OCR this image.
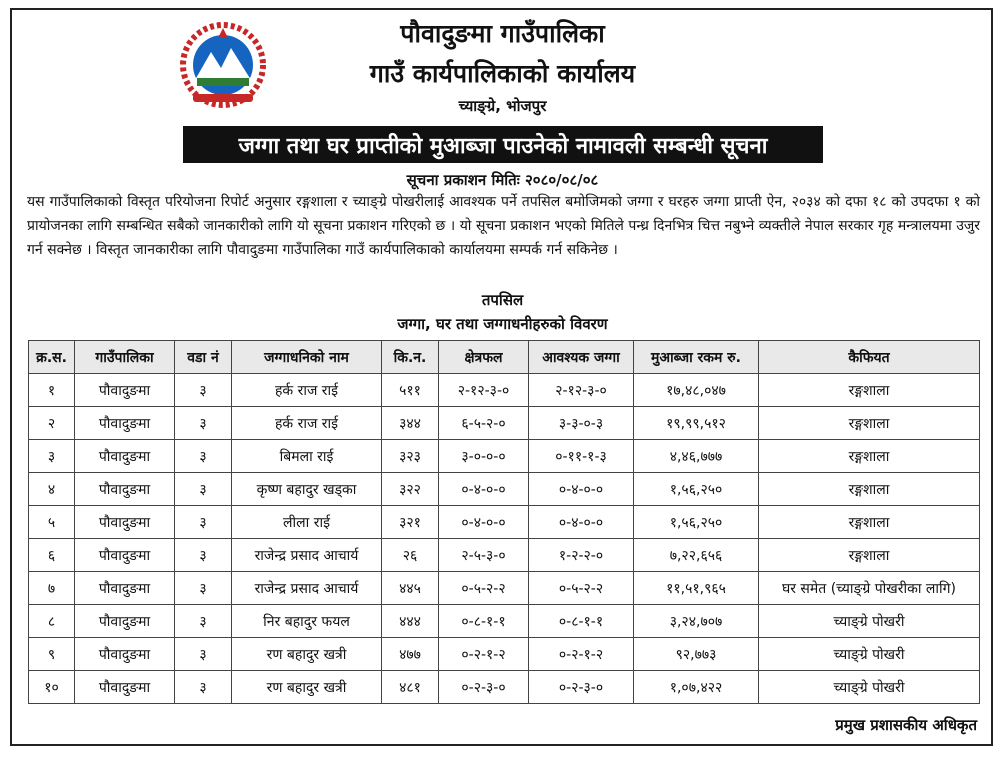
पौवादुङमा गाउँपालिका
गाउँ कार्यपालिकाको कार्यालय
च्याङ्ग्रे, भोजपुर
जग्गा तथा घर प्राप्तीको मुआब्जा पाउनेको नामावली सम्बन्धी सूचना
सूचना प्रकाशन मितिः २०८०/०८/०८
यस गाउँपालिकाको विस्तृत परियोजना रिपोर्ट अनुसार रङ्गशाला र च्याङ्ग्रे पोखरीलाई आवश्यक पर्ने तपसिल बमोजिमको जग्गा र घरहरु जग्गा प्राप्ती ऐन, २०३४ को दफा १८ को उपदफा १ को प्रायोजनका लागि सम्बन्धित सबैको जानकारीको लागि यो सूचना प्रकाशन गरिएको छ । यो सूचना प्रकाशन भएको मितिले पन्ध्र दिनभित्र चित्त नबुभ्ने व्यक्तीले नेपाल सरकार गृह मन्त्रालयमा उजुर गर्न सक्नेछ । विस्तृत जानकारीका लागि पौवादुङमा गाउँपालिका गाउँ कार्यपालिकाको कार्यालयमा सम्पर्क गर्न सकिनेछ ।
तपसिल
जग्गा, घर तथा जग्गाधनीहरुको विवरण
क्र.स.	गाउँपालिका	वडा नं	जग्गाधनिको नाम	कि.न.	क्षेत्रफल	आवश्यक जग्गा	मुआब्जा रकम रु.	कैफियत
१	पौवादुङमा	३	हर्क राज राई	५११	२-१२-३-०	२-१२-३-०	१७,४८,०४७	रङ्गशाला
२	पौवादुङमा	३	हर्क राज राई	३४४	६-५-२-०	३-३-०-३	१९,९९,५१२	रङ्गशाला
३	पौवादुङमा	३	बिमला राई	३२३	३-०-०-०	०-११-१-३	४,४६,७७७	रङ्गशाला
४	पौवादुङमा	३	कृष्ण बहादुर खड्का	३२२	०-४-०-०	०-४-०-०	१,५६,२५०	रङ्गशाला
५	पौवादुङमा	३	लीला राई	३२१	०-४-०-०	०-४-०-०	१,५६,२५०	रङ्गशाला
६	पौवादुङमा	३	राजेन्द्र प्रसाद आचार्य	२६	२-५-३-०	१-२-२-०	७,२२,६५६	रङ्गशाला
७	पौवादुङमा	३	राजेन्द्र प्रसाद आचार्य	४४५	०-५-२-२	०-५-२-२	११,५१,९६५	घर समेत (च्याङ्ग्रे पोखरीका लागि)
८	पौवादुङमा	३	निर बहादुर फयल	४४४	०-८-१-१	०-८-१-१	३,२४,७०७	च्याङ्ग्रे पोखरी
९	पौवादुङमा	३	रण बहादुर खत्री	४७७	०-२-१-२	०-२-१-२	९२,७७३	च्याङ्ग्रे पोखरी
१०	पौवादुङमा	३	रण बहादुर खत्री	४८१	०-२-३-०	०-२-३-०	१,०७,४२२	च्याङ्ग्रे पोखरी
प्रमुख प्रशासकीय अधिकृत
